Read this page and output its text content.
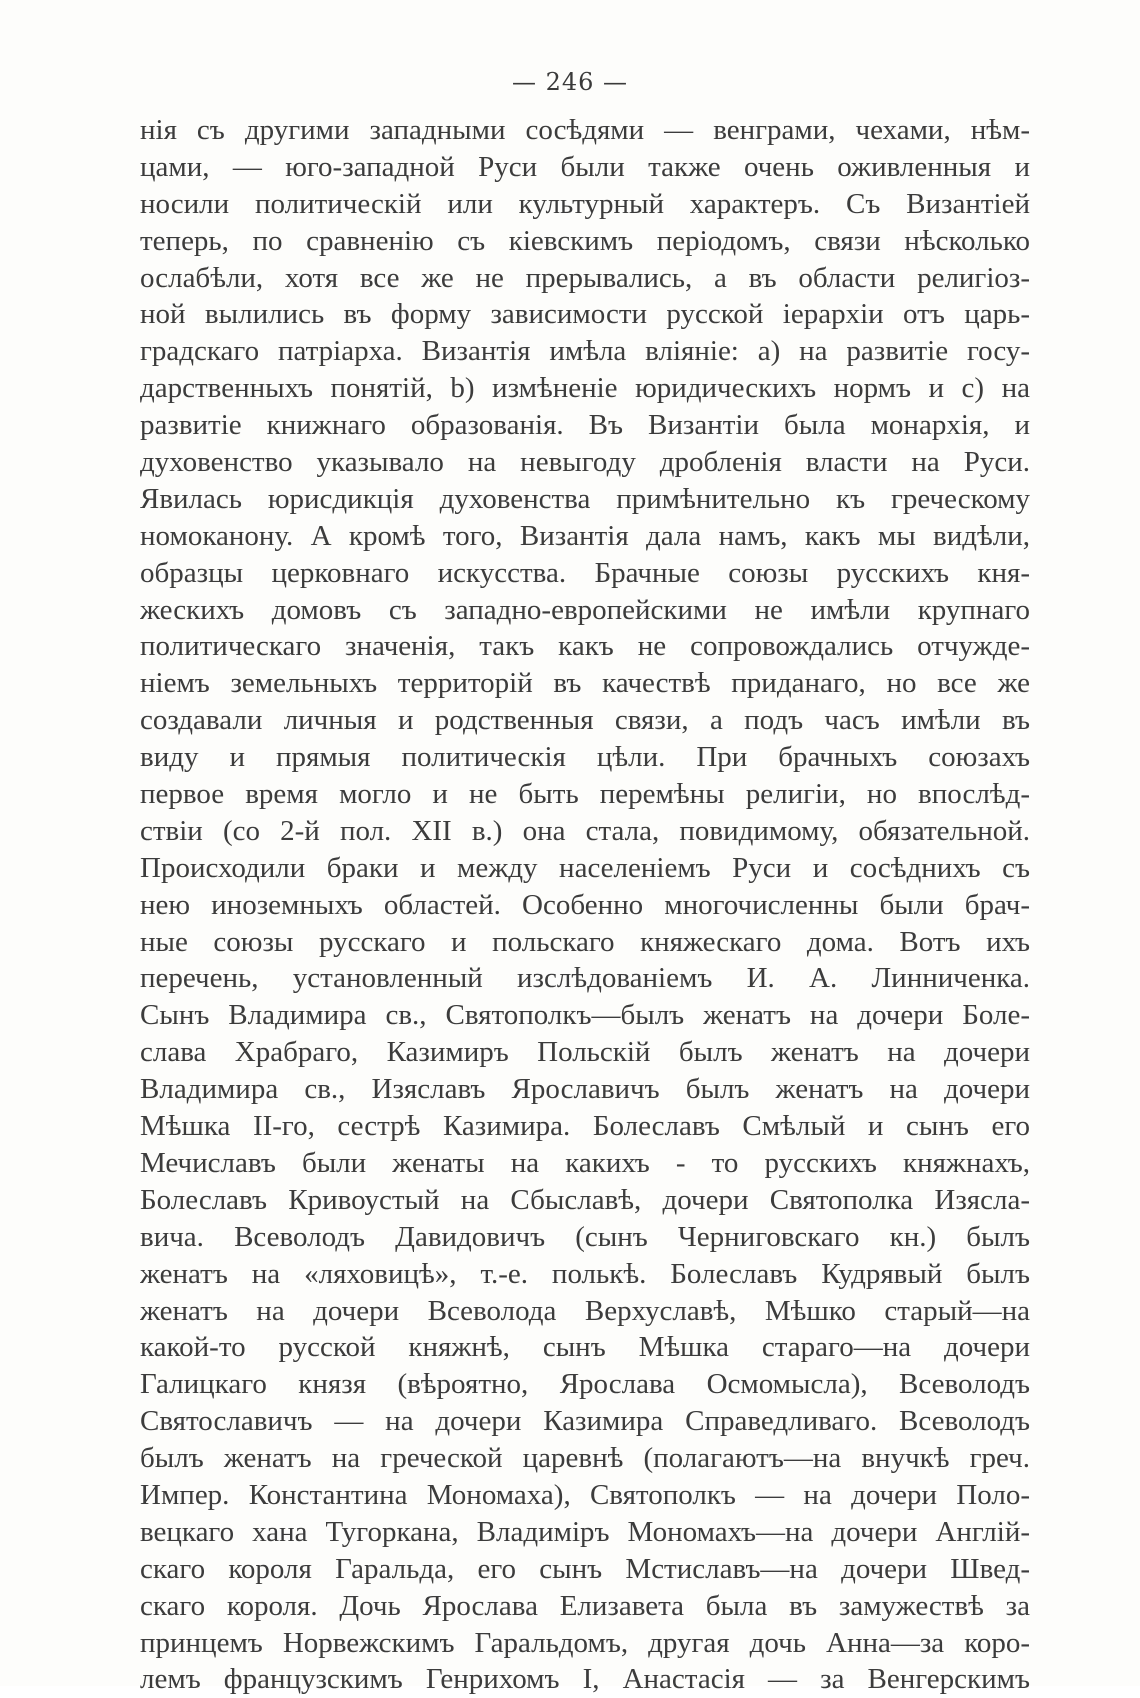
— 246 —
нія съ другими западными сосѣдями — венграми, чехами, нѣм-
цами, — юго-западной Руси были также очень оживленныя и
носили политическій или культурный характеръ. Съ Византіей
теперь, по сравненію съ кіевскимъ періодомъ, связи нѣсколько
ослабѣли, хотя все же не прерывались, а въ области религіоз-
ной вылились въ форму зависимости русской іерархіи отъ царь-
градскаго патріарха. Византія имѣла вліяніе: a) на развитіе госу-
дарственныхъ понятій, b) измѣненіе юридическихъ нормъ и c) на
развитіе книжнаго образованія. Въ Византіи была монархія, и
духовенство указывало на невыгоду дробленія власти на Руси.
Явилась юрисдикція духовенства примѣнительно къ греческому
номоканону. А кромѣ того, Византія дала намъ, какъ мы видѣли,
образцы церковнаго искусства. Брачные союзы русскихъ кня-
жескихъ домовъ съ западно-европейскими не имѣли крупнаго
политическаго значенія, такъ какъ не сопровождались отчужде-
ніемъ земельныхъ территорій въ качествѣ приданаго, но все же
создавали личныя и родственныя связи, а подъ часъ имѣли въ
виду и прямыя политическія цѣли. При брачныхъ союзахъ
первое время могло и не быть перемѣны религіи, но впослѣд-
ствіи (со 2-й пол. XII в.) она стала, повидимому, обязательной.
Происходили браки и между населеніемъ Руси и сосѣднихъ съ
нею иноземныхъ областей. Особенно многочисленны были брач-
ные союзы русскаго и польскаго княжескаго дома. Вотъ ихъ
перечень, установленный изслѣдованіемъ И. А. Линниченка.
Сынъ Владимира св., Святополкъ—былъ женатъ на дочери Боле-
слава Храбраго, Казимиръ Польскій былъ женатъ на дочери
Владимира св., Изяславъ Ярославичъ былъ женатъ на дочери
Мѣшка II-го, сестрѣ Казимира. Болеславъ Смѣлый и сынъ его
Мечиславъ были женаты на какихъ - то русскихъ княжнахъ,
Болеславъ Кривоустый на Сбыславѣ, дочери Святополка Изясла-
вича. Всеволодъ Давидовичъ (сынъ Черниговскаго кн.) былъ
женатъ на «ляховицѣ», т.-е. полькѣ. Болеславъ Кудрявый былъ
женатъ на дочери Всеволода Верхуславѣ, Мѣшко старый—на
какой-то русской княжнѣ, сынъ Мѣшка стараго—на дочери
Галицкаго князя (вѣроятно, Ярослава Осмомысла), Всеволодъ
Святославичъ — на дочери Казимира Справедливаго. Всеволодъ
былъ женатъ на греческой царевнѣ (полагаютъ—на внучкѣ греч.
Импер. Константина Мономаха), Святополкъ — на дочери Поло-
вецкаго хана Тугоркана, Владиміръ Мономахъ—на дочери Англій-
скаго короля Гаральда, его сынъ Мстиславъ—на дочери Швед-
скаго короля. Дочь Ярослава Елизавета была въ замужествѣ за
принцемъ Норвежскимъ Гаральдомъ, другая дочь Анна—за коро-
лемъ французскимъ Генрихомъ I, Анастасія — за Венгерскимъ
